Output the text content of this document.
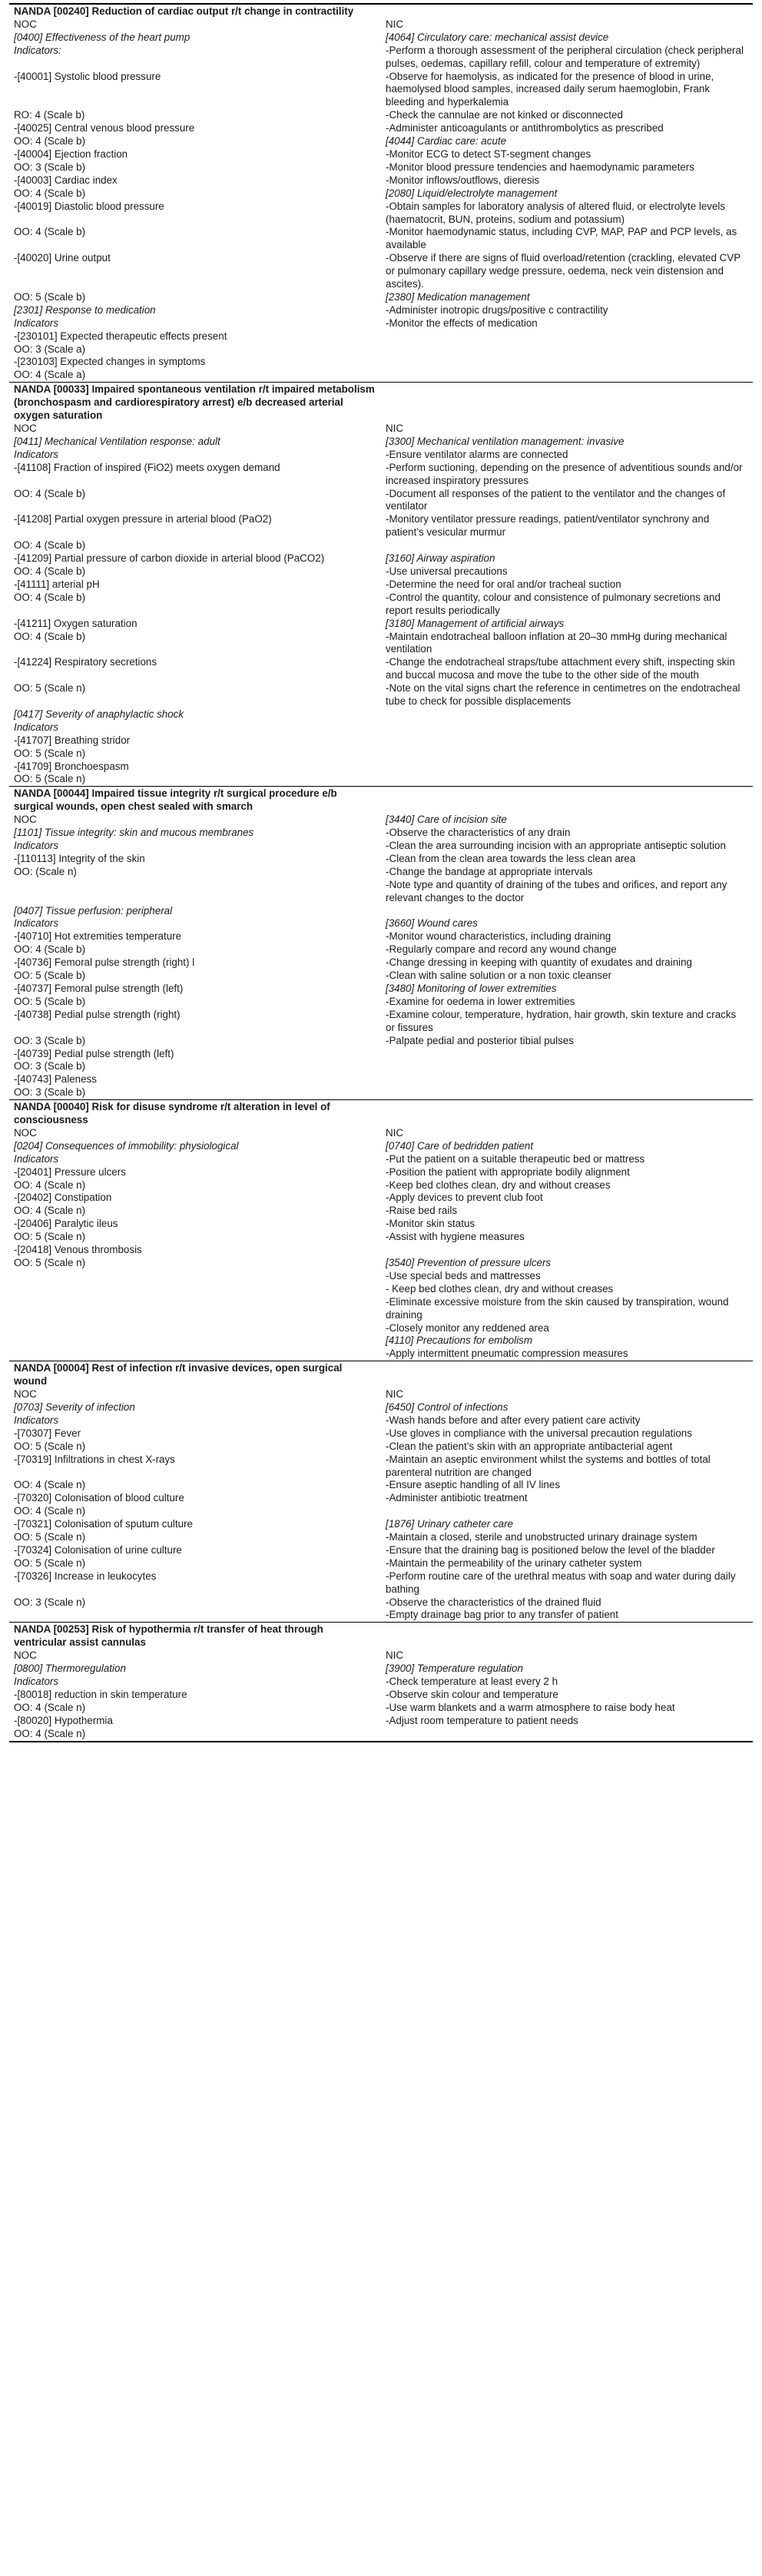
NANDA [00240] Reduction of cardiac output r/t change in contractility	
NOC	NIC
[0400] Effectiveness of the heart pump	[4064] Circulatory care: mechanical assist device
Indicators:	-Perform a thorough assessment of the peripheral circulation (check peripheral pulses, oedemas, capillary refill, colour and temperature of extremity)
-[40001] Systolic blood pressure	-Observe for haemolysis, as indicated for the presence of blood in urine, haemolysed blood samples, increased daily serum haemoglobin, Frank bleeding and hyperkalemia
RO: 4 (Scale b)	-Check the cannulae are not kinked or disconnected
-[40025] Central venous blood pressure	-Administer anticoagulants or antithrombolytics as prescribed
OO: 4 (Scale b)	[4044] Cardiac care: acute
-[40004] Ejection fraction	-Monitor ECG to detect ST-segment changes
OO: 3 (Scale b)	-Monitor blood pressure tendencies and haemodynamic parameters
-[40003] Cardiac index	-Monitor inflows/outflows, dieresis
OO: 4 (Scale b)	[2080] Liquid/electrolyte management
-[40019] Diastolic blood pressure	-Obtain samples for laboratory analysis of altered fluid, or electrolyte levels (haematocrit, BUN, proteins, sodium and potassium)
OO: 4 (Scale b)	-Monitor haemodynamic status, including CVP, MAP, PAP and PCP levels, as available
-[40020] Urine output	-Observe if there are signs of fluid overload/retention (crackling, elevated CVP or pulmonary capillary wedge pressure, oedema, neck vein distension and ascites).
OO: 5 (Scale b)	[2380] Medication management
[2301] Response to medication	-Administer inotropic drugs/positive c contractility
Indicators	-Monitor the effects of medication
-[230101] Expected therapeutic effects present	
OO: 3 (Scale a)	
-[230103] Expected changes in symptoms	
OO: 4 (Scale a)	
NANDA [00033] Impaired spontaneous ventilation r/t impaired metabolism (bronchospasm and cardiorespiratory arrest) e/b decreased arterial oxygen saturation	
NOC	NIC
[0411] Mechanical Ventilation response: adult	[3300] Mechanical ventilation management: invasive
Indicators	-Ensure ventilator alarms are connected
-[41108] Fraction of inspired (FiO2) meets oxygen demand	-Perform suctioning, depending on the presence of adventitious sounds and/or increased inspiratory pressures
OO: 4 (Scale b)	-Document all responses of the patient to the ventilator and the changes of ventilator
-[41208] Partial oxygen pressure in arterial blood (PaO2)	-Monitory ventilator pressure readings, patient/ventilator synchrony and patient’s vesicular murmur
OO: 4 (Scale b)	
-[41209] Partial pressure of carbon dioxide in arterial blood (PaCO2)	[3160] Airway aspiration
OO: 4 (Scale b)	-Use universal precautions
-[41111] arterial pH	-Determine the need for oral and/or tracheal suction
OO: 4 (Scale b)	-Control the quantity, colour and consistence of pulmonary secretions and report results periodically
-[41211] Oxygen saturation	[3180] Management of artificial airways
OO: 4 (Scale b)	-Maintain endotracheal balloon inflation at 20–30 mmHg during mechanical ventilation
-[41224] Respiratory secretions	-Change the endotracheal straps/tube attachment every shift, inspecting skin and buccal mucosa and move the tube to the other side of the mouth
OO: 5 (Scale n)	-Note on the vital signs chart the reference in centimetres on the endotracheal tube to check for possible displacements
[0417] Severity of anaphylactic shock	
Indicators	
-[41707] Breathing stridor	
OO: 5 (Scale n)	
-[41709] Bronchoespasm	
OO: 5 (Scale n)	
NANDA [00044] Impaired tissue integrity r/t surgical procedure e/b surgical wounds, open chest sealed with smarch	
NOC	[3440] Care of incision site
[1101] Tissue integrity: skin and mucous membranes	-Observe the characteristics of any drain
Indicators	-Clean the area surrounding incision with an appropriate antiseptic solution
-[110113] Integrity of the skin	-Clean from the clean area towards the less clean area
OO: (Scale n)	-Change the bandage at appropriate intervals
	-Note type and quantity of draining of the tubes and orifices, and report any relevant changes to the doctor
[0407] Tissue perfusion: peripheral	
Indicators	[3660] Wound cares
-[40710] Hot extremities temperature	-Monitor wound characteristics, including draining
OO: 4 (Scale b)	-Regularly compare and record any wound change
-[40736] Femoral pulse strength (right) l	-Change dressing in keeping with quantity of exudates and draining
OO: 5 (Scale b)	-Clean with saline solution or a non toxic cleanser
-[40737] Femoral pulse strength (left)	[3480] Monitoring of lower extremities
OO: 5 (Scale b)	-Examine for oedema in lower extremities
-[40738] Pedial pulse strength (right)	-Examine colour, temperature, hydration, hair growth, skin texture and cracks or fissures
OO: 3 (Scale b)	-Palpate pedial and posterior tibial pulses
-[40739] Pedial pulse strength (left)	
OO: 3 (Scale b)	
-[40743] Paleness	
OO: 3 (Scale b)	
NANDA [00040] Risk for disuse syndrome r/t alteration in level of consciousness	
NOC	NIC
[0204] Consequences of immobility: physiological	[0740] Care of bedridden patient
Indicators	-Put the patient on a suitable therapeutic bed or mattress
-[20401] Pressure ulcers	-Position the patient with appropriate bodily alignment
OO: 4 (Scale n)	-Keep bed clothes clean, dry and without creases
-[20402] Constipation	-Apply devices to prevent club foot
OO: 4 (Scale n)	-Raise bed rails
-[20406] Paralytic ileus	-Monitor skin status
OO: 5 (Scale n)	-Assist with hygiene measures
-[20418] Venous thrombosis	
OO: 5 (Scale n)	[3540] Prevention of pressure ulcers
	-Use special beds and mattresses
	- Keep bed clothes clean, dry and without creases
	-Eliminate excessive moisture from the skin caused by transpiration, wound draining
	-Closely monitor any reddened area
	[4110] Precautions for embolism
	-Apply intermittent pneumatic compression measures
NANDA [00004] Rest of infection r/t invasive devices, open surgical wound	
NOC	NIC
[0703] Severity of infection	[6450] Control of infections
Indicators	-Wash hands before and after every patient care activity
-[70307] Fever	-Use gloves in compliance with the universal precaution regulations
OO: 5 (Scale n)	-Clean the patient’s skin with an appropriate antibacterial agent
-[70319] Infiltrations in chest X-rays	-Maintain an aseptic environment whilst the systems and bottles of total parenteral nutrition are changed
OO: 4 (Scale n)	-Ensure aseptic handling of all IV lines
-[70320] Colonisation of blood culture	-Administer antibiotic treatment
OO: 4 (Scale n)	
-[70321] Colonisation of sputum culture	[1876] Urinary catheter care
OO: 5 (Scale n)	-Maintain a closed, sterile and unobstructed urinary drainage system
-[70324] Colonisation of urine culture	-Ensure that the draining bag is positioned below the level of the bladder
OO: 5 (Scale n)	-Maintain the permeability of the urinary catheter system
-[70326] Increase in leukocytes	-Perform routine care of the urethral meatus with soap and water during daily bathing
OO: 3 (Scale n)	-Observe the characteristics of the drained fluid
	-Empty drainage bag prior to any transfer of patient
NANDA [00253] Risk of hypothermia r/t transfer of heat through ventricular assist cannulas	
NOC	NIC
[0800] Thermoregulation	[3900] Temperature regulation
Indicators	-Check temperature at least every 2 h
-[80018] reduction in skin temperature	-Observe skin colour and temperature
OO: 4 (Scale n)	-Use warm blankets and a warm atmosphere to raise body heat
-[80020] Hypothermia	-Adjust room temperature to patient needs
OO: 4 (Scale n)	
